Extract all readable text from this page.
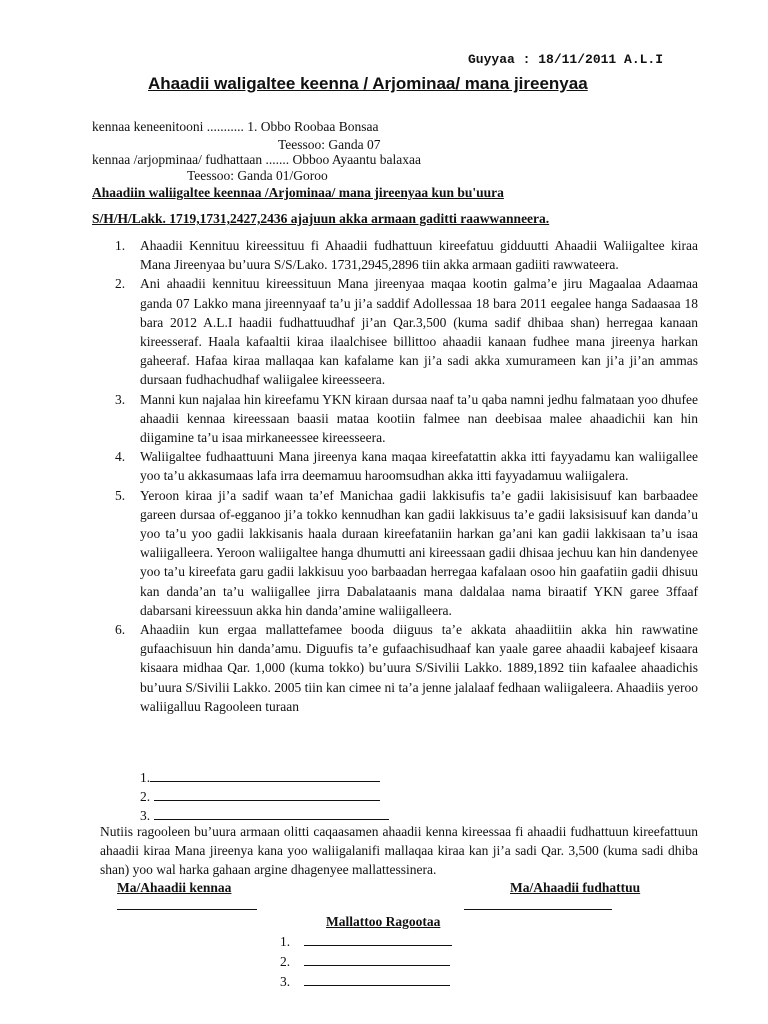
Guyyaa : 18/11/2011 A.L.I
Ahaadii waligaltee keenna / Arjominaa/ mana jireenyaa
kennaa keneenitooni ........... 1. Obbo Roobaa Bonsaa
Teessoo: Ganda 07
kennaa /arjopminaa/ fudhattaan ....... Obboo Ayaantu balaxaa
Teessoo: Ganda 01/Goroo
Ahaadiin waliigaltee keennaa /Arjominaa/ mana jireenyaa kun bu'uura
S/H/H/Lakk. 1719,1731,2427,2436 ajajuun akka armaan gaditti raawwanneera.
1. Ahaadii Kennituu kireessituu fi Ahaadii fudhattuun kireefatuu gidduutti Ahaadii Waliigaltee kiraa Mana Jireenyaa bu’uura S/S/Lako. 1731,2945,2896 tiin akka armaan gadiiti rawwateera.
2. Ani ahaadii kennituu kireessituun Mana jireenyaa maqaa kootin galma’e jiru Magaalaa Adaamaa ganda 07 Lakko mana jireennyaaf ta’u ji’a saddif Adollessaa 18 bara 2011 eegalee hanga Sadaasaa 18 bara 2012 A.L.I haadii fudhattuudhaf ji’an Qar.3,500 (kuma sadif dhibaa shan) herregaa kanaan kireesseraf. Haala kafaaltii kiraa ilaalchisee billittoo ahaadii kanaan fudhee mana jireenya harkan gaheeraf. Hafaa kiraa mallaqaa kan kafalame kan ji’a sadi akka xumurameen kan ji’a ji’an ammas dursaan fudhachudhaf waliigalee kireesseera.
3. Manni kun najalaa hin kireefamu YKN kiraan dursaa naaf ta’u qaba namni jedhu falmataan yoo dhufee ahaadii kennaa kireessaan baasii mataa kootiin falmee nan deebisaa malee ahaadichii kan hin diigamine ta’u isaa mirkaneessee kireesseera.
4. Waliigaltee fudhaattuuni Mana jireenya kana maqaa kireefatattin akka itti fayyadamu kan waliigallee yoo ta’u akkasumaas lafa irra deemamuu haroomsudhan akka itti fayyadamuu waliigalera.
5. Yeroon kiraa ji’a sadif waan ta’ef Manichaa gadii lakkisufis ta’e gadii lakisisisuuf kan barbaadee gareen dursaa of-egganoo ji’a tokko kennudhan kan gadii lakkisuus ta’e gadii laksisisuuf kan danda’u yoo ta’u yoo gadii lakkisanis haala duraan kireefataniin harkan ga’ani kan gadii lakkisaan ta’u isaa waliigalleera. Yeroon waliigaltee hanga dhumutti ani kireessaan gadii dhisaa jechuu kan hin dandenyee yoo ta’u kireefata garu gadii lakkisuu yoo barbaadan herregaa kafalaan osoo hin gaafatiin gadii dhisuu kan danda’an ta’u waliigallee jirra Dabalataanis mana daldalaa nama biraatif YKN garee 3ffaaf dabarsani kireessuun akka hin danda’amine waliigalleera.
6. Ahaadiin kun ergaa mallattefamee booda diiguus ta’e akkata ahaadiitiin akka hin rawwatine gufaachisuun hin danda’amu. Diguufis ta’e gufaachisudhaaf kan yaale garee ahaadii kabajeef kisaara kisaara midhaa Qar. 1,000 (kuma tokko) bu’uura S/Sivilii Lakko. 1889,1892 tiin kafaalee ahaadichis bu’uura S/Sivilii Lakko. 2005 tiin kan cimee ni ta’a jenne jalalaaf fedhaan waliigaleera. Ahaadiis yeroo waliigalluu Ragooleen turaan
1.
2.
3.
Nutiis ragooleen bu’uura armaan olitti caqaasamen ahaadii kenna kireessaa fi ahaadii fudhattuun kireefattuun ahaadii kiraa Mana jireenya kana yoo waliigalanifi mallaqaa kiraa kan ji’a sadi Qar. 3,500 (kuma sadi dhiba shan) yoo wal harka gahaan argine dhagenyee mallattessinera.
Ma/Ahaadii kennaa	Ma/Ahaadii fudhattuu
Mallattoo Ragootaa
1.
2.
3.
